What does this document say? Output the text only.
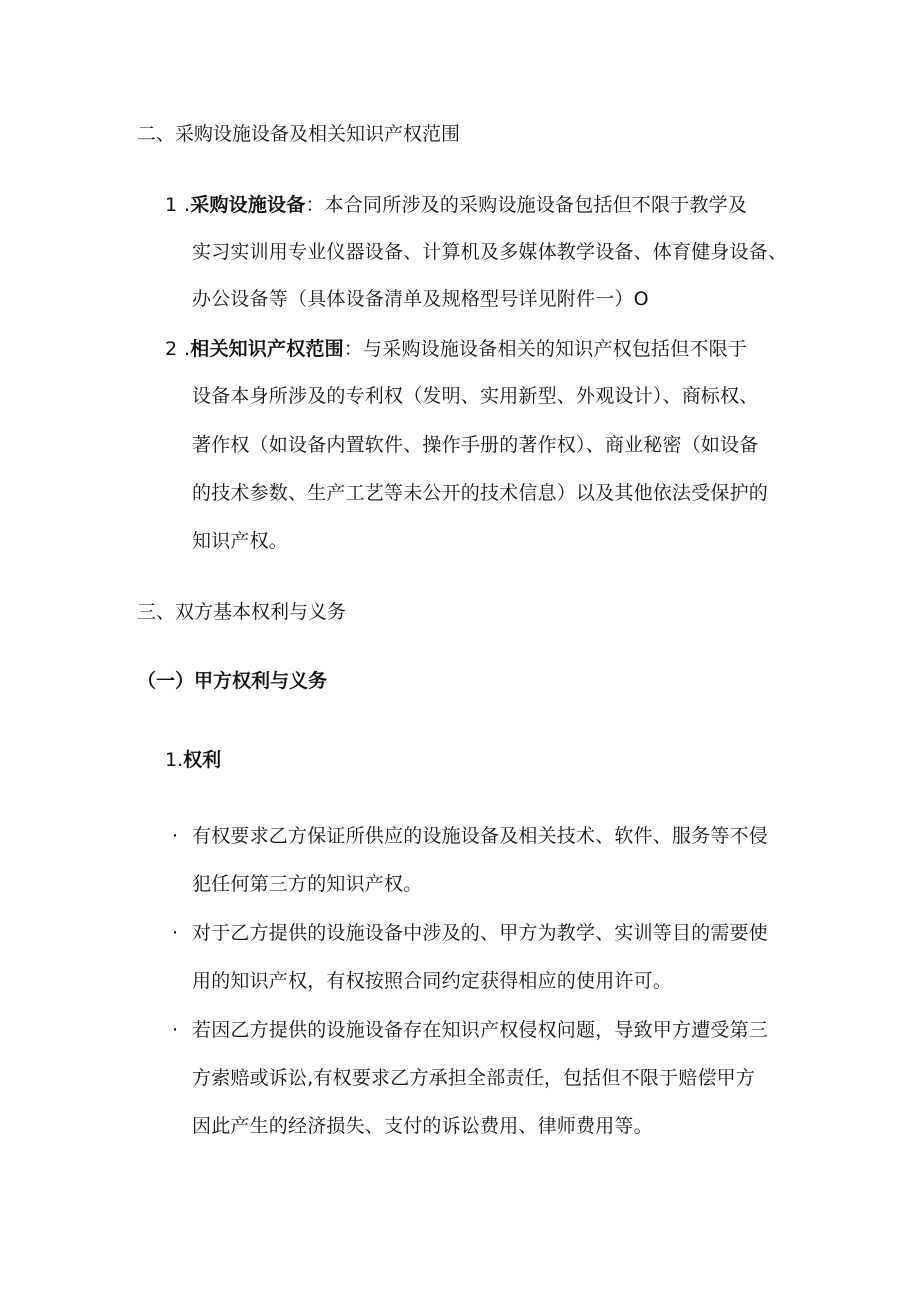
二、采购设施设备及相关知识产权范围
1 .采购设施设备：本合同所涉及的采购设施设备包括但不限于教学及
实习实训用专业仪器设备、计算机及多媒体教学设备、体育健身设备、
办公设备等（具体设备清单及规格型号详见附件一）O
2 .相关知识产权范围：与采购设施设备相关的知识产权包括但不限于
设备本身所涉及的专利权（发明、实用新型、外观设计）、商标权、
著作权（如设备内置软件、操作手册的著作权）、商业秘密（如设备
的技术参数、生产工艺等未公开的技术信息）以及其他依法受保护的
知识产权。
三、双方基本权利与义务
（一）甲方权利与义务
1.权利
· 有权要求乙方保证所供应的设施设备及相关技术、软件、服务等不侵
犯任何第三方的知识产权。
· 对于乙方提供的设施设备中涉及的、甲方为教学、实训等目的需要使
用的知识产权，有权按照合同约定获得相应的使用许可。
· 若因乙方提供的设施设备存在知识产权侵权问题，导致甲方遭受第三
方索赔或诉讼,有权要求乙方承担全部责任，包括但不限于赔偿甲方
因此产生的经济损失、支付的诉讼费用、律师费用等。
